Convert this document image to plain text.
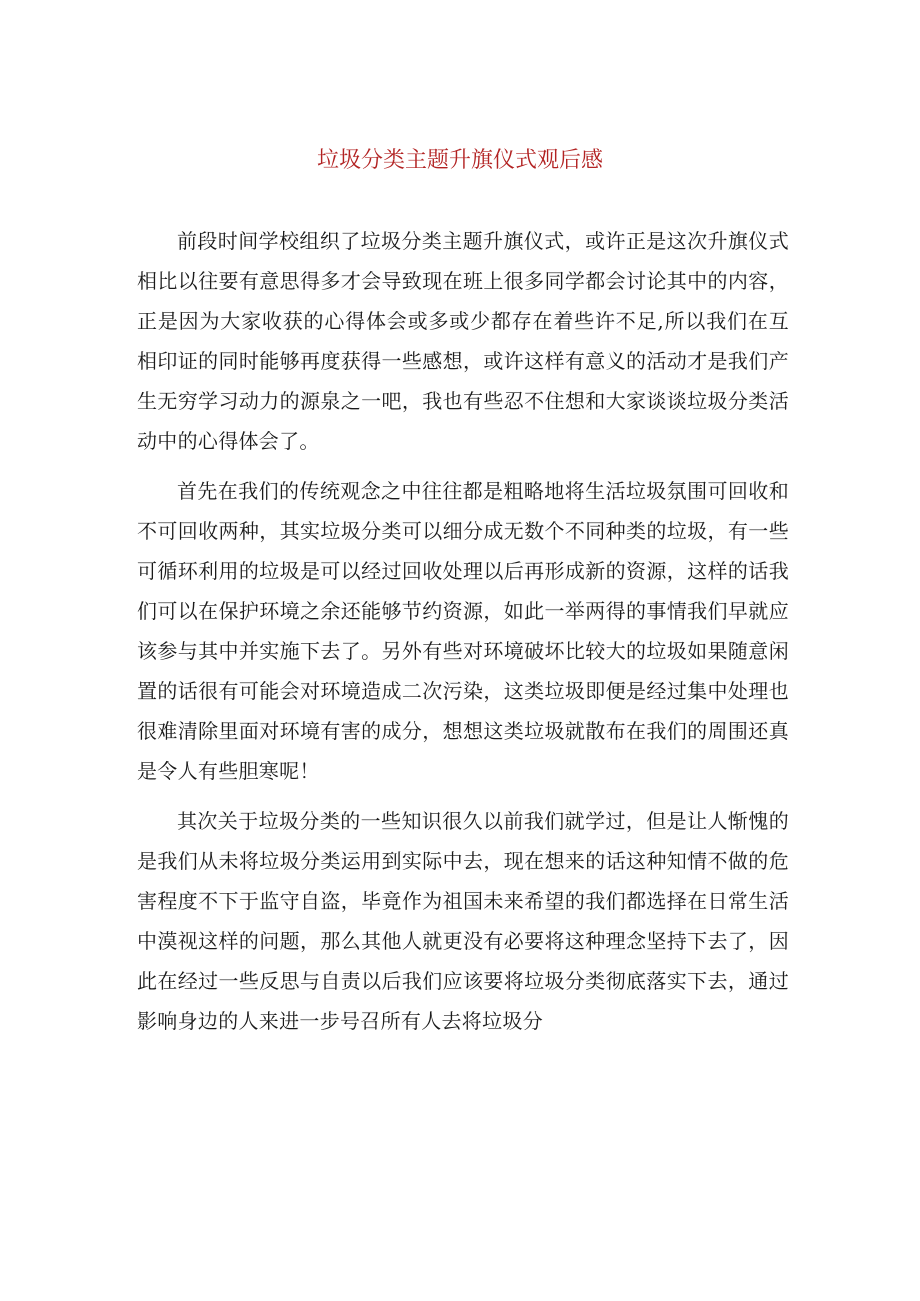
垃圾分类主题升旗仪式观后感

前段时间学校组织了垃圾分类主题升旗仪式，或许正是这次升旗仪式相比以往要有意思得多才会导致现在班上很多同学都会讨论其中的内容，正是因为大家收获的心得体会或多或少都存在着些许不足,所以我们在互相印证的同时能够再度获得一些感想，或许这样有意义的活动才是我们产生无穷学习动力的源泉之一吧，我也有些忍不住想和大家谈谈垃圾分类活动中的心得体会了。

首先在我们的传统观念之中往往都是粗略地将生活垃圾氛围可回收和不可回收两种，其实垃圾分类可以细分成无数个不同种类的垃圾，有一些可循环利用的垃圾是可以经过回收处理以后再形成新的资源，这样的话我们可以在保护环境之余还能够节约资源，如此一举两得的事情我们早就应该参与其中并实施下去了。另外有些对环境破坏比较大的垃圾如果随意闲置的话很有可能会对环境造成二次污染，这类垃圾即便是经过集中处理也很难清除里面对环境有害的成分，想想这类垃圾就散布在我们的周围还真是令人有些胆寒呢！

其次关于垃圾分类的一些知识很久以前我们就学过，但是让人惭愧的是我们从未将垃圾分类运用到实际中去，现在想来的话这种知情不做的危害程度不下于监守自盗，毕竟作为祖国未来希望的我们都选择在日常生活中漠视这样的问题，那么其他人就更没有必要将这种理念坚持下去了，因此在经过一些反思与自责以后我们应该要将垃圾分类彻底落实下去，通过影响身边的人来进一步号召所有人去将垃圾分
